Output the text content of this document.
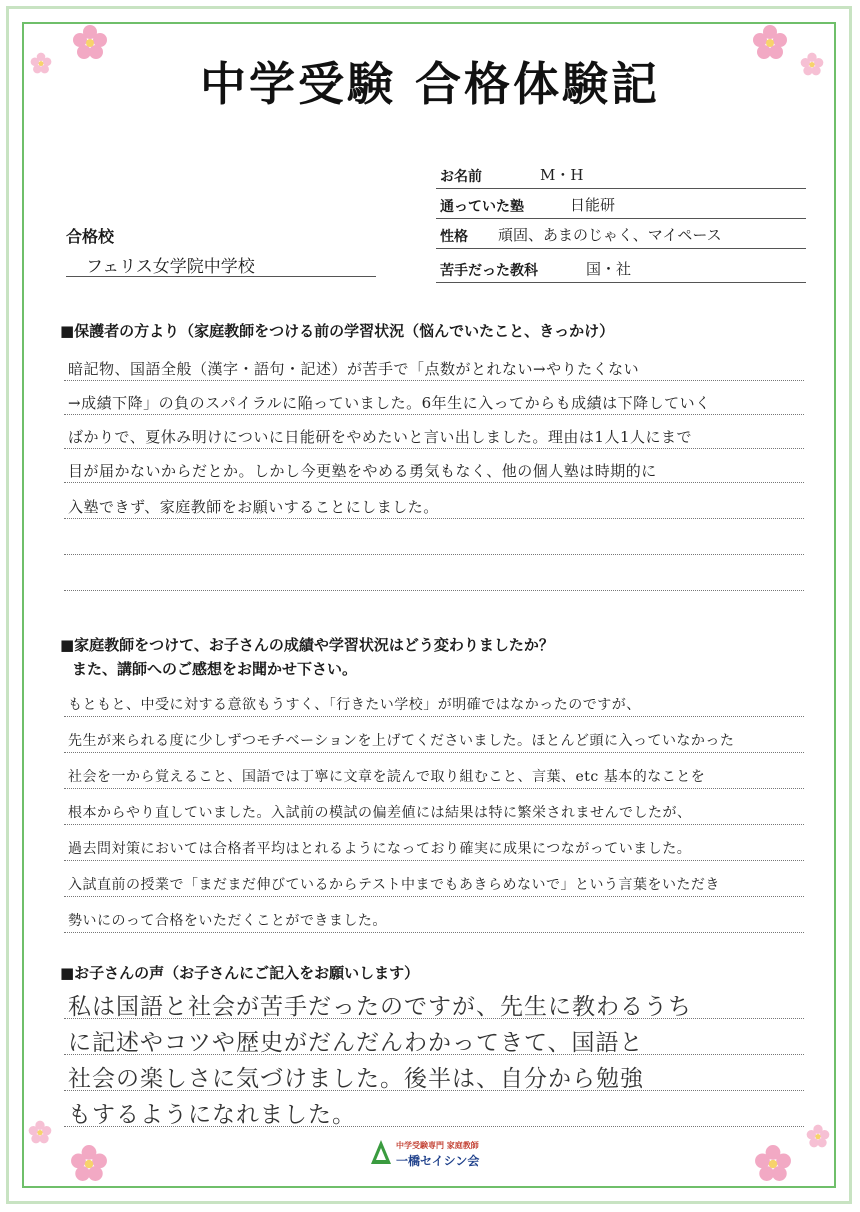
中学受験 合格体験記
お名前	M・H
通っていた塾	日能研
性格 頑固、あまのじゃく、マイペース
苦手だった教科	国・社
合格校
フェリス女学院中学校
■保護者の方より（家庭教師をつける前の学習状況（悩んでいたこと、きっかけ）
暗記物、国語全般（漢字・語句・記述）が苦手で「点数がとれない→やりたくない
→成績下降」の負のスパイラルに陥っていました。6年生に入ってからも成績は下降していく
ばかりで、夏休み明けについに日能研をやめたいと言い出しました。理由は1人1人にまで
目が届かないからだとか。しかし今更塾をやめる勇気もなく、他の個人塾は時期的に
入塾できず、家庭教師をお願いすることにしました。
■家庭教師をつけて、お子さんの成績や学習状況はどう変わりましたか？
また、講師へのご感想をお聞かせ下さい。
もともと、中受に対する意欲もうすく、「行きたい学校」が明確ではなかったのですが、
先生が来られる度に少しずつモチベーションを上げてくださいました。ほとんど頭に入っていなかった
社会を一から覚えること、国語では丁寧に文章を読んで取り組むこと、言葉、etc 基本的なことを
根本からやり直していました。入試前の模試の偏差値には結果は特に繁栄されませんでしたが、
過去問対策においては合格者平均はとれるようになっており確実に成果につながっていました。
入試直前の授業で「まだまだ伸びているからテスト中までもあきらめないで」という言葉をいただき
勢いにのって合格をいただくことができました。
■お子さんの声（お子さんにご記入をお願いします）
私は国語と社会が苦手だったのですが、先生に教わるうち
に記述やコツや歴史がだんだんわかってきて、国語と
社会の楽しさに気づけました。後半は、自分から勉強
もするようになれました。
中学受験専門 家庭教師
一橋セイシン会
